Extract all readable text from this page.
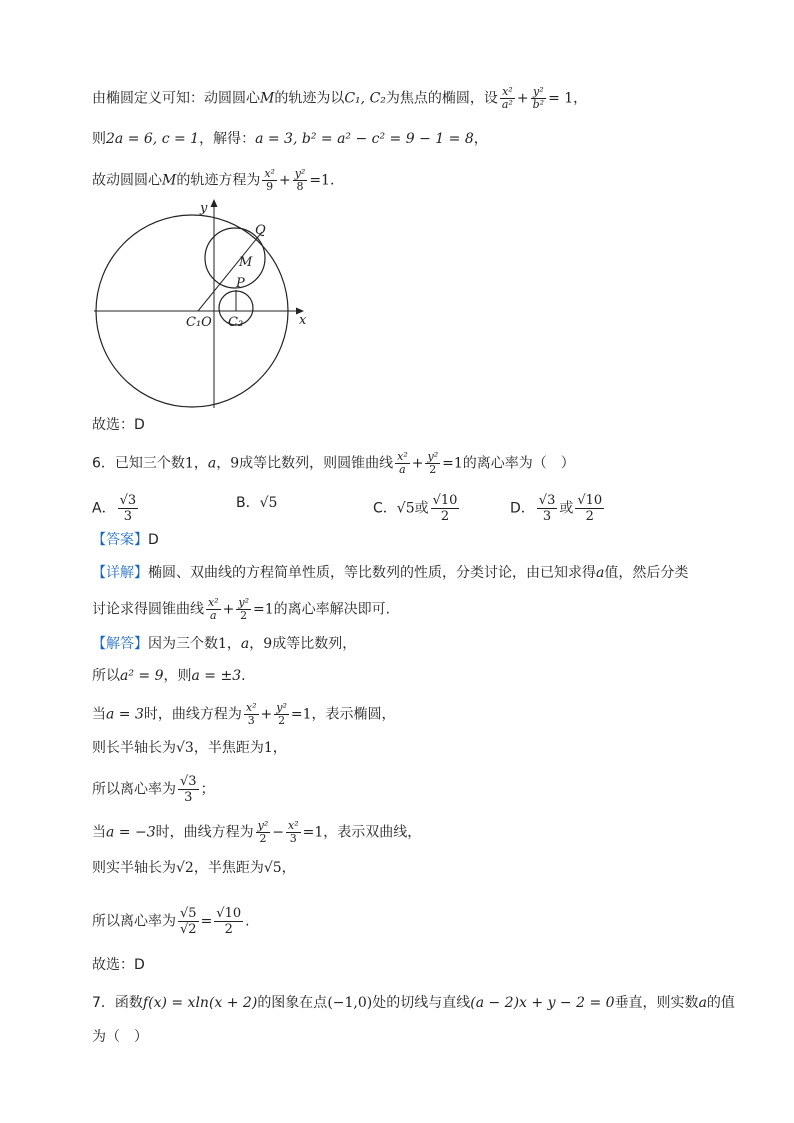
由椭圆定义可知：动圆圆心M的轨迹为以C₁, C₂为焦点的椭圆，设 $\frac{\text{x²}}{\text{a²}} + \frac{\text{y²}}{\text{b²}} = 1$，
则2a = 6, c = 1，解得：a = 3, b² = a² − c² = 9 − 1 = 8，
故动圆圆心M的轨迹方程为 $\frac{\text{x²}}{9} + \frac{\text{y²}}{8} =1$.
y
x
Q
M
P
C₁O C₂
故选：D
6．已知三个数1，a，9成等比数列，则圆锥曲线 $\frac{\text{x²}}{a} + \frac{\text{y²}}{2} =1$的离心率为（　）
A． $\frac{√3}{3}$	B．√5	C．√5或 $\frac{√10}{2}$	D． $\frac{√3}{3}$ 或 $\frac{√10}{2}$
【答案】D
【详解】椭圆、双曲线的方程简单性质，等比数列的性质，分类讨论，由已知求得a值，然后分类
讨论求得圆锥曲线 $\frac{\text{x²}}{a} + \frac{\text{y²}}{2} =1$的离心率解决即可.
【解答】因为三个数1，a，9成等比数列，
所以a² = 9，则a = ±3.
当a = 3时，曲线方程为 $\frac{\text{x²}}{3} + \frac{\text{y²}}{2} =1$，表示椭圆，
则长半轴长为√3，半焦距为1，
所以离心率为 $\frac{√3}{3}$ ；
当a = −3时，曲线方程为 $\frac{\text{y²}}{2} - \frac{\text{x²}}{3} =1$，表示双曲线，
则实半轴长为√2，半焦距为√5，
所以离心率为 $\frac{√5}{√2} = \frac{√10}{2}$ .
故选：D
7．函数f(x) = xln(x + 2)的图象在点(−1,0)处的切线与直线(a − 2)x + y − 2 = 0垂直，则实数a的值
为（　）
